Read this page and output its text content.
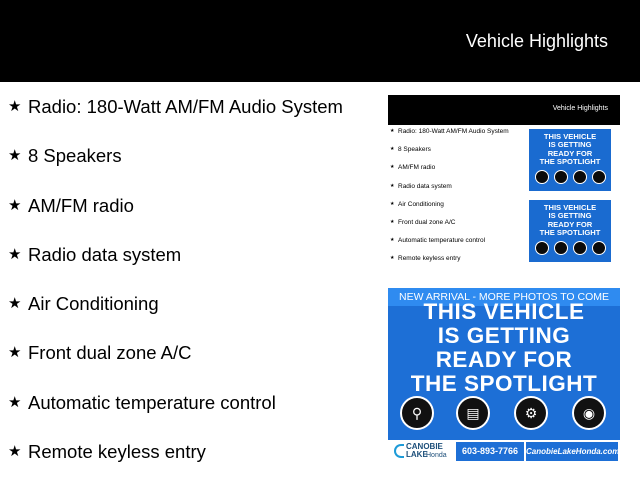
Vehicle Highlights
★ Radio: 180-Watt AM/FM Audio System
★ 8 Speakers
★ AM/FM radio
★ Radio data system
★ Air Conditioning
★ Front dual zone A/C
★ Automatic temperature control
★ Remote keyless entry
Vehicle Highlights
★ Radio: 180-Watt AM/FM Audio System
★ 8 Speakers
★ AM/FM radio
★ Radio data system
★ Air Conditioning
★ Front dual zone A/C
★ Automatic temperature control
★ Remote keyless entry
THIS VEHICLE
IS GETTING
READY FOR
THE SPOTLIGHT
THIS VEHICLE
IS GETTING
READY FOR
THE SPOTLIGHT
NEW ARRIVAL - MORE PHOTOS TO COME
THIS VEHICLE
IS GETTING
READY FOR
THE SPOTLIGHT
⚲	▤	⚙	◉
CANOBIE
LAKE
Honda	603-893-7766 CanobieLakeHonda.com
